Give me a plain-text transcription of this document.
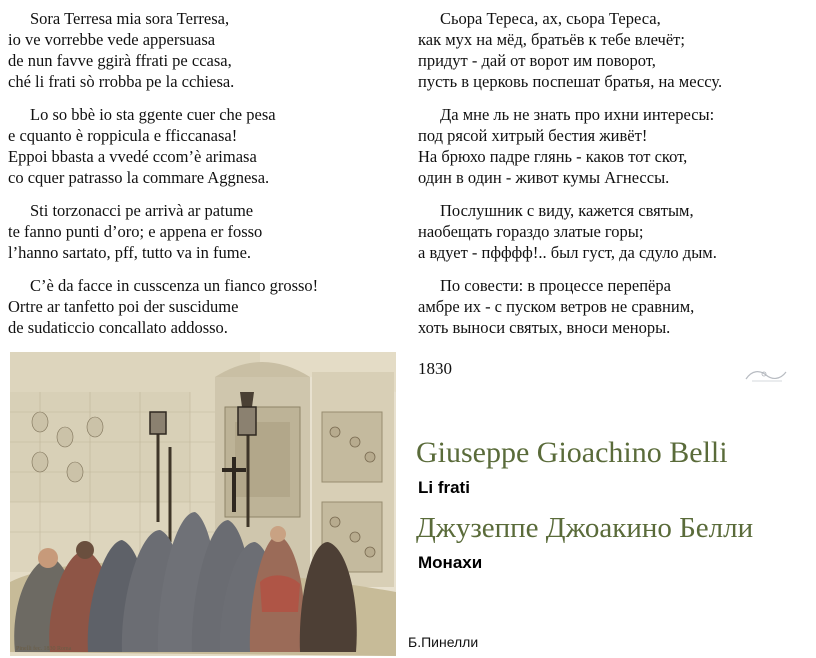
Sora Terresa mia sora Terresa,
io ve vorrebbe vede appersuasa
de nun favve ggirà ffrati pe ccasa,
ché li frati sò rrobba pe la cchiesa.
Lo so bbè io sta ggente cuer che pesa
e cquanto è roppicula e fficcanasa!
Eppoi bbasta a vvedé ccom’è arimasa
co cquer patrasso la commare Aggnesa.
Sti torzonacci pe arrivà ar patume
te fanno punti d’oro; e appena er fosso
l’hanno sartato, pff, tutto va in fume.
C’è da facce in cusscenza un fianco grosso!
Ortre ar tanfetto poi der suscidume
de sudaticcio concallato addosso.
Сьора Тереса, ах, сьора Тереса,
как мух на мёд, братьёв к тебе влечёт;
придут - дай от ворот им поворот,
пусть в церковь поспешат братья, на мессу.
Да мне ль не знать про ихни интересы:
под рясой хитрый бестия живёт!
На брюхо падре глянь - каков тот скот,
один в один - живот кумы Агнессы.
Послушник с виду, кажется святым,
наобещать гораздо златые горы;
а вдует - пфффф!.. был густ, да сдуло дым.
По совести: в процессе перепёра
амбре их - с пуском ветров не сравним,
хоть выноси святых, вноси меноры.
1830
Giuseppe Gioachino Belli
Li frati
Джузеппе Джоакино Белли
Монахи
Б.Пинелли
Pinelli fec. 1830 Roma
